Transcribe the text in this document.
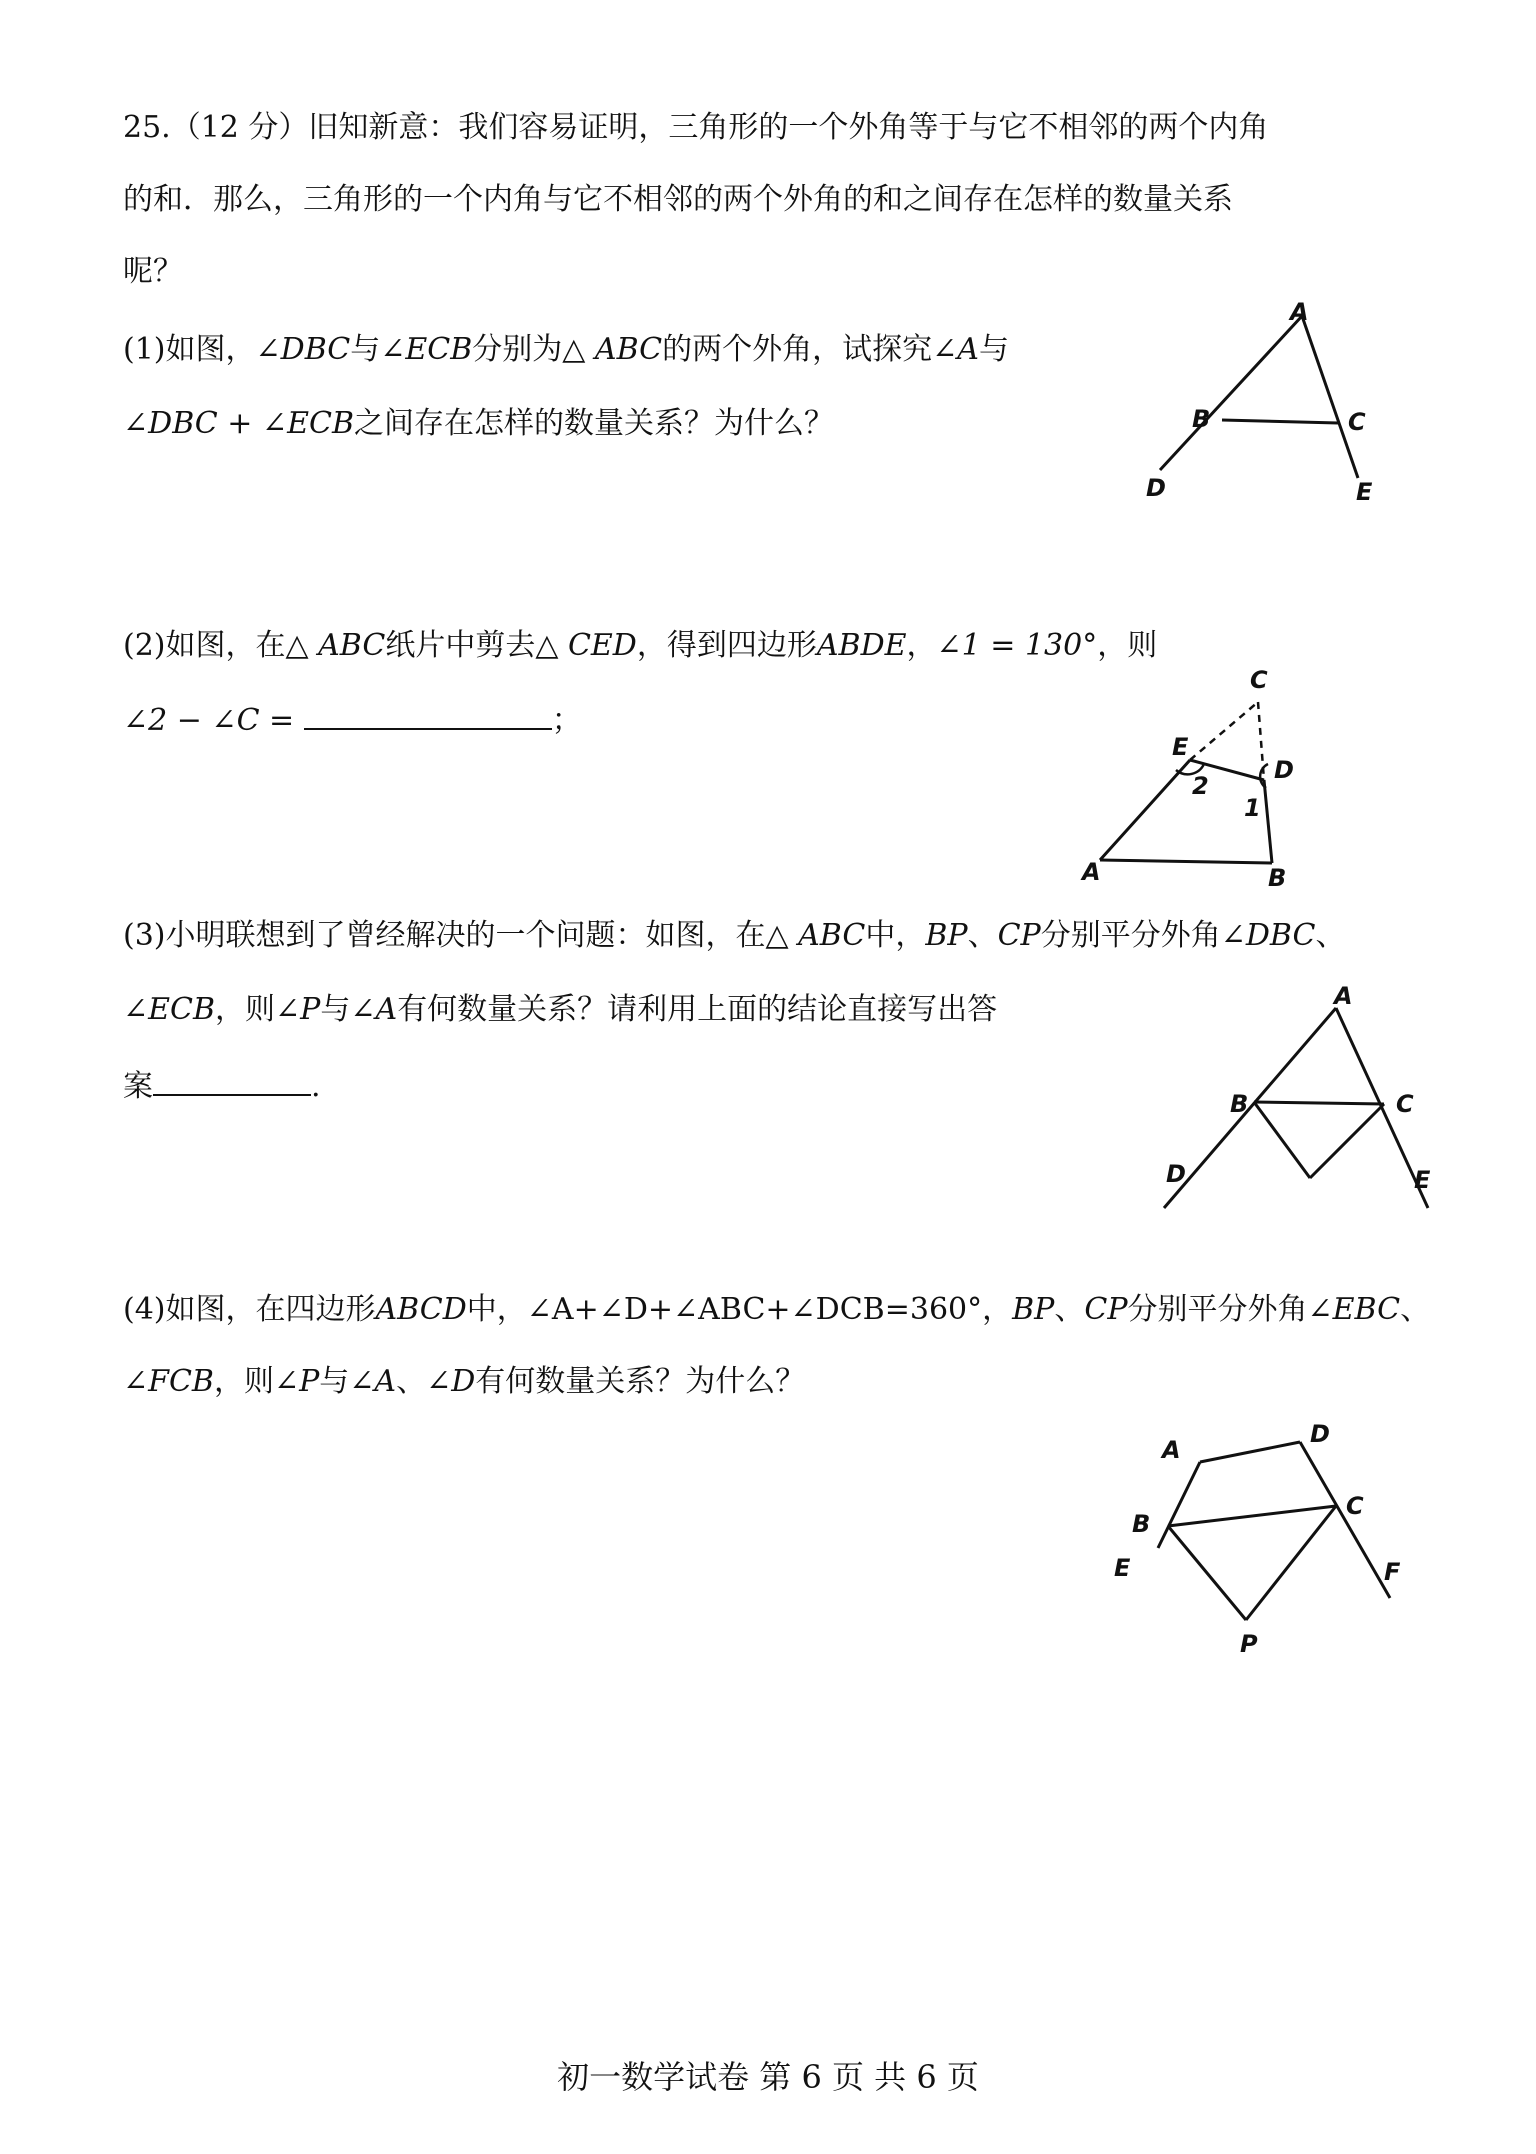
25.（12 分）旧知新意：我们容易证明，三角形的一个外角等于与它不相邻的两个内角
的和．那么，三角形的一个内角与它不相邻的两个外角的和之间存在怎样的数量关系
呢？
(1)如图，∠DBC与∠ECB分别为△ ABC的两个外角，试探究∠A与
∠DBC + ∠ECB之间存在怎样的数量关系？为什么？
A
B	C
D	E
(2)如图，在△ ABC纸片中剪去△ CED，得到四边形ABDE，∠1 = 130°，则
∠2 − ∠C =	；
C
E
D
A	B
1
2
(3)小明联想到了曾经解决的一个问题：如图，在△ ABC中，BP、CP分别平分外角∠DBC、
∠ECB，则∠P与∠A有何数量关系？请利用上面的结论直接写出答
案	.
A
B	C
D	E
(4)如图，在四边形ABCD中，∠A+∠D+∠ABC+∠DCB=360°，BP、CP分别平分外角∠EBC、
∠FCB，则∠P与∠A、∠D有何数量关系？为什么？
A
D
B
C
E	F
P
初一数学试卷 第 6 页 共 6 页
